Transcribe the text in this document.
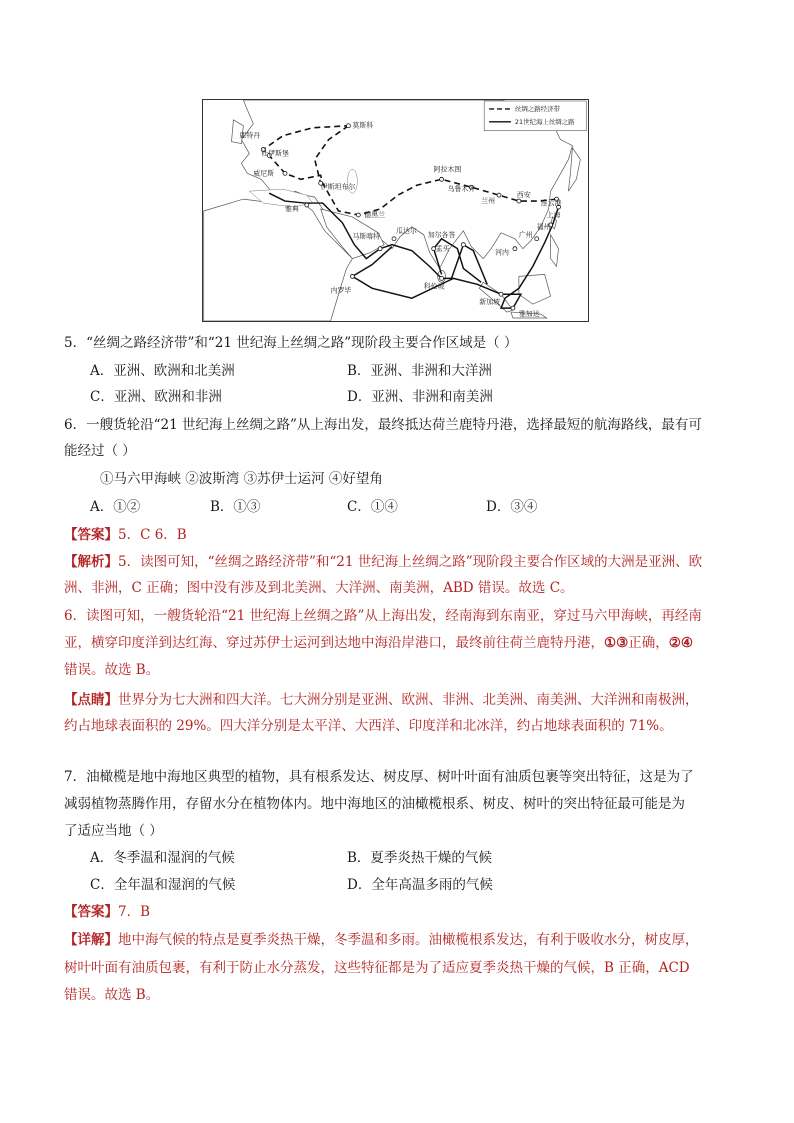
莫斯科
鹿特丹
杜伊斯堡
威尼斯
伊斯坦布尔
雅典
阿拉木图
乌鲁木齐
兰州
西安
连云港
上海
福州
广州
河内
德黑兰
瓜达尔 加尔各答
马斯喀特
孟买
科伦坡
内罗毕
新加坡
雅加达
丝绸之路经济带
21世纪海上丝绸之路
5．“丝绸之路经济带”和“21 世纪海上丝绸之路”现阶段主要合作区域是（ ）
A．亚洲、欧洲和北美洲	B．亚洲、非洲和大洋洲
C．亚洲、欧洲和非洲	D．亚洲、非洲和南美洲
6．一艘货轮沿“21 世纪海上丝绸之路”从上海出发，最终抵达荷兰鹿特丹港，选择最短的航海路线，最有可
能经过（ ）
①马六甲海峡 ②波斯湾 ③苏伊士运河 ④好望角
A．①②	B．①③	C．①④	D．③④
【答案】5．C 6．B
【解析】5．读图可知，“丝绸之路经济带”和“21 世纪海上丝绸之路”现阶段主要合作区域的大洲是亚洲、欧
洲、非洲，C 正确；图中没有涉及到北美洲、大洋洲、南美洲，ABD 错误。故选 C。
6．读图可知，一艘货轮沿“21 世纪海上丝绸之路”从上海出发，经南海到东南亚，穿过马六甲海峡，再经南
亚，横穿印度洋到达红海、穿过苏伊士运河到达地中海沿岸港口，最终前往荷兰鹿特丹港，①③正确，②④
错误。故选 B。
【点睛】世界分为七大洲和四大洋。七大洲分别是亚洲、欧洲、非洲、北美洲、南美洲、大洋洲和南极洲，
约占地球表面积的 29%。四大洋分别是太平洋、大西洋、印度洋和北冰洋，约占地球表面积的 71%。
7．油橄榄是地中海地区典型的植物，具有根系发达、树皮厚、树叶叶面有油质包裹等突出特征，这是为了
减弱植物蒸腾作用，存留水分在植物体内。地中海地区的油橄榄根系、树皮、树叶的突出特征最可能是为
了适应当地（ ）
A．冬季温和湿润的气候	B．夏季炎热干燥的气候
C．全年温和湿润的气候	D．全年高温多雨的气候
【答案】7．B
【详解】地中海气候的特点是夏季炎热干燥，冬季温和多雨。油橄榄根系发达，有利于吸收水分，树皮厚，
树叶叶面有油质包裹，有利于防止水分蒸发，这些特征都是为了适应夏季炎热干燥的气候，B 正确，ACD
错误。故选 B。
